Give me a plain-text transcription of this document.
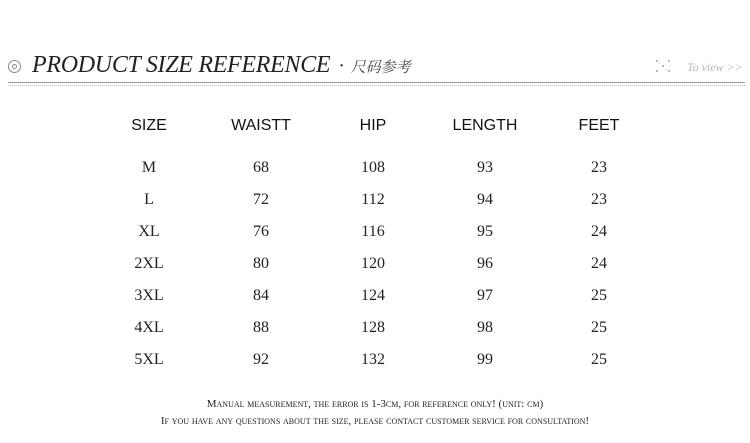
PRODUCT SIZE REFERENCE · 尺码参考	To view >>
SIZE	WAISTT	HIP	LENGTH	FEET
M	68	108	93	23
L	72	112	94	23
XL	76	116	95	24
2XL	80	120	96	24
3XL	84	124	97	25
4XL	88	128	98	25
5XL	92	132	99	25
Manual measurement, the error is 1-3cm, for reference only! (unit: cm)
If you have any questions about the size, please contact customer service for consultation!
